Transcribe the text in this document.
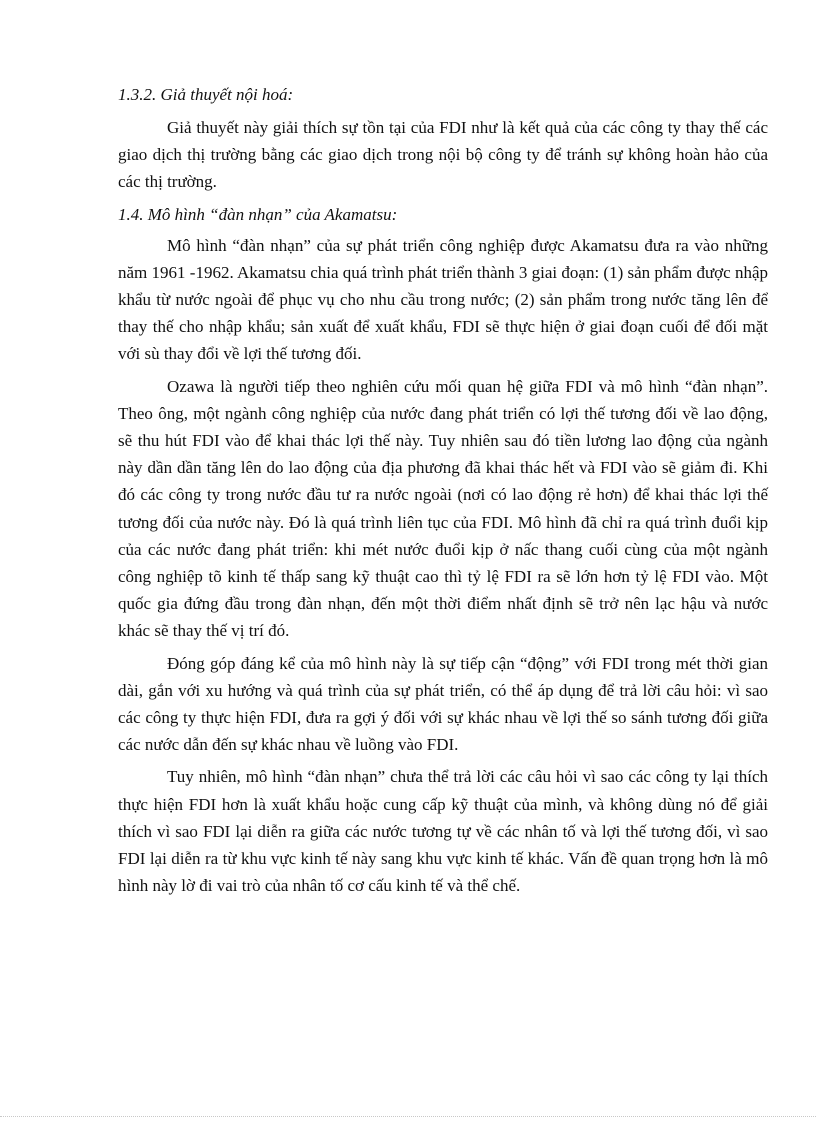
1.3.2. Giả thuyết nội hoá:

Giả thuyết này giải thích sự tồn tại của FDI như là kết quả của các công ty thay thế các giao dịch thị trường bằng các giao dịch trong nội bộ công ty để tránh sự không hoàn hảo của các thị trường.

1.4. Mô hình “đàn nhạn” của Akamatsu:

Mô hình “đàn nhạn” của sự phát triển công nghiệp được Akamatsu đưa ra vào những năm 1961 -1962. Akamatsu chia quá trình phát triển thành 3 giai đoạn: (1) sản phẩm được nhập khẩu từ nước ngoài để phục vụ cho nhu cầu trong nước; (2) sản phẩm trong nước tăng lên để thay thế cho nhập khẩu; sản xuất để xuất khẩu, FDI sẽ thực hiện ở giai đoạn cuối để đối mặt với sù thay đổi về lợi thế tương đối.

Ozawa là người tiếp theo nghiên cứu mối quan hệ giữa FDI và mô hình “đàn nhạn”. Theo ông, một ngành công nghiệp của nước đang phát triển có lợi thế tương đối về lao động, sẽ thu hút FDI vào để khai thác lợi thế này. Tuy nhiên sau đó tiền lương lao động của ngành này dần dần tăng lên do lao động của địa phương đã khai thác hết và FDI vào sẽ giảm đi. Khi đó các công ty trong nước đầu tư ra nước ngoài (nơi có lao động rẻ hơn) để khai thác lợi thế tương đối của nước này. Đó là quá trình liên tục của FDI. Mô hình đã chỉ ra quá trình đuổi kịp của các nước đang phát triển: khi mét nước đuổi kịp ở nấc thang cuối cùng của một ngành công nghiệp tõ kinh tế thấp sang kỹ thuật cao thì tỷ lệ FDI ra sẽ lớn hơn tỷ lệ FDI vào. Một quốc gia đứng đầu trong đàn nhạn, đến một thời điểm nhất định sẽ trở nên lạc hậu và nước khác sẽ thay thế vị trí đó.

Đóng góp đáng kể của mô hình này là sự tiếp cận “động” với FDI trong mét thời gian dài, gắn với xu hướng và quá trình của sự phát triển, có thể áp dụng để trả lời câu hỏi: vì sao các công ty thực hiện FDI, đưa ra gợi ý đối với sự khác nhau về lợi thế so sánh tương đối giữa các nước dẫn đến sự khác nhau về luồng vào FDI.

Tuy nhiên, mô hình “đàn nhạn” chưa thể trả lời các câu hỏi vì sao các công ty lại thích thực hiện FDI hơn là xuất khẩu hoặc cung cấp kỹ thuật của mình, và không dùng nó để giải thích vì sao FDI lại diễn ra giữa các nước tương tự về các nhân tố và lợi thế tương đối, vì sao FDI lại diễn ra từ khu vực kinh tế này sang khu vực kinh tế khác. Vấn đề quan trọng hơn là mô hình này lờ đi vai trò của nhân tố cơ cấu kinh tế và thể chế.
